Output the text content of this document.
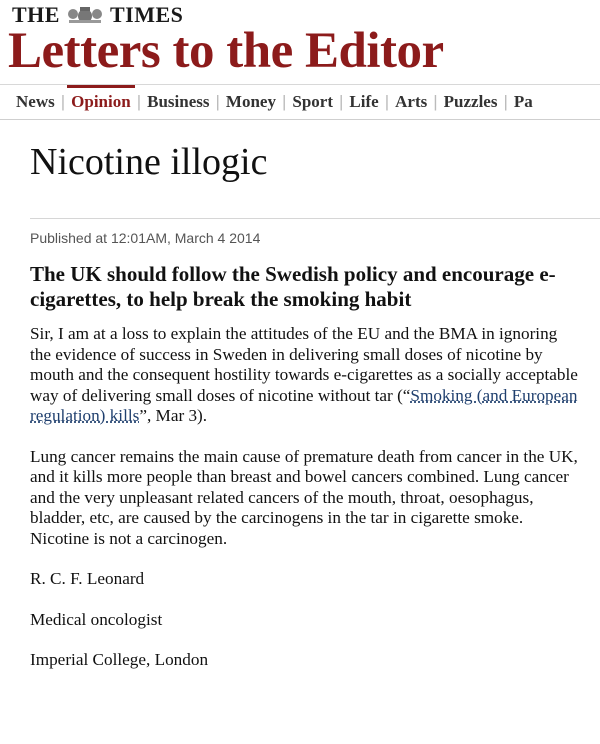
THE TIMES
Letters to the Editor
News | Opinion | Business | Money | Sport | Life | Arts | Puzzles | Pa
Nicotine illogic
Published at 12:01AM, March 4 2014
The UK should follow the Swedish policy and encourage e-cigarettes, to help break the smoking habit

Sir, I am at a loss to explain the attitudes of the EU and the BMA in ignoring the evidence of success in Sweden in delivering small doses of nicotine by mouth and the consequent hostility towards e-cigarettes as a socially acceptable way of delivering small doses of nicotine without tar (“Smoking (and European regulation) kills”, Mar 3).

Lung cancer remains the main cause of premature death from cancer in the UK, and it kills more people than breast and bowel cancers combined. Lung cancer and the very unpleasant related cancers of the mouth, throat, oesophagus, bladder, etc, are caused by the carcinogens in the tar in cigarette smoke. Nicotine is not a carcinogen.

R. C. F. Leonard

Medical oncologist

Imperial College, London
